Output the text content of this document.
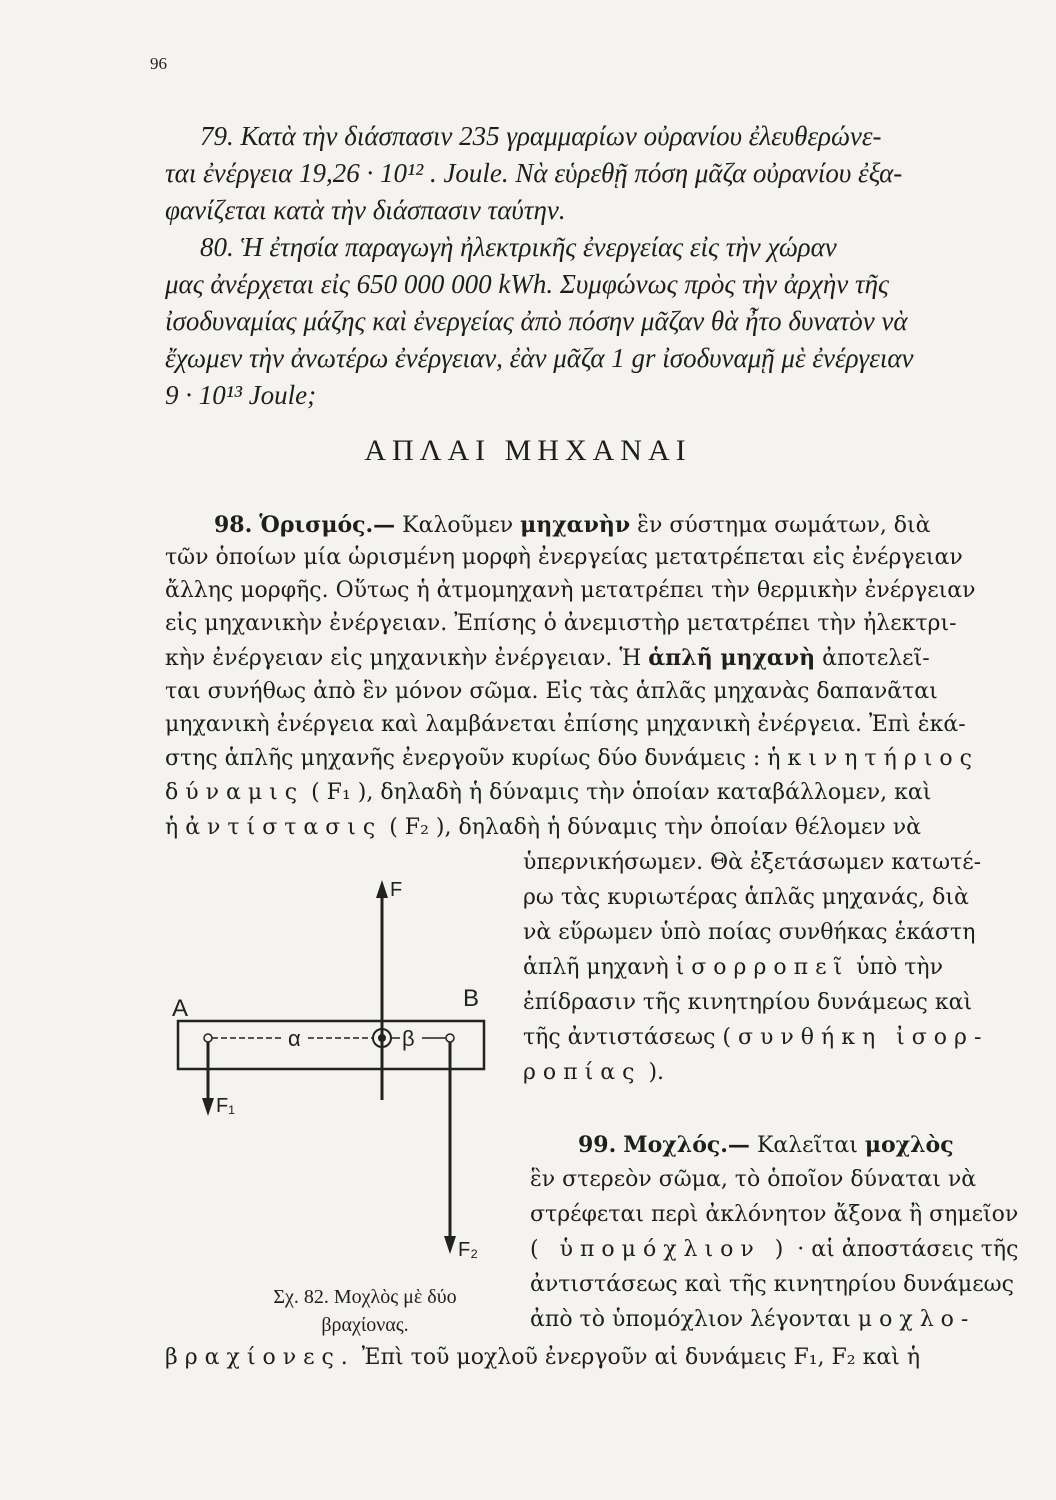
96
79. Κατὰ τὴν διάσπασιν 235 γραμμαρίων οὐρανίου ἐλευθερώνε-
ται ἐνέργεια 19,26 · 10¹² . Joule. Νὰ εὑρεθῇ πόση μᾶζα οὐρανίου ἐξα-
φανίζεται κατὰ τὴν διάσπασιν ταύτην.
80. Ἡ ἐτησία παραγωγὴ ἠλεκτρικῆς ἐνεργείας εἰς τὴν χώραν
μας ἀνέρχεται εἰς 650 000 000 kWh. Συμφώνως πρὸς τὴν ἀρχὴν τῆς
ἰσοδυναμίας μάζης καὶ ἐνεργείας ἀπὸ πόσην μᾶζαν θὰ ἦτο δυνατὸν νὰ
ἔχωμεν τὴν ἀνωτέρω ἐνέργειαν, ἐὰν μᾶζα 1 gr ἰσοδυναμῇ μὲ ἐνέργειαν
9 · 10¹³ Joule;
ΑΠΛΑΙ ΜΗΧΑΝΑΙ
98. Ὁρισμός.— Καλοῦμεν μηχανὴν ἓν σύστημα σωμάτων, διὰ
τῶν ὁποίων μία ὡρισμένη μορφὴ ἐνεργείας μετατρέπεται εἰς ἐνέργειαν
ἄλλης μορφῆς. Οὕτως ἡ ἀτμομηχανὴ μετατρέπει τὴν θερμικὴν ἐνέργειαν
εἰς μηχανικὴν ἐνέργειαν. Ἐπίσης ὁ ἀνεμιστὴρ μετατρέπει τὴν ἠλεκτρι-
κὴν ἐνέργειαν εἰς μηχανικὴν ἐνέργειαν. Ἡ ἁπλῆ μηχανὴ ἀποτελεῖ-
ται συνήθως ἀπὸ ἓν μόνον σῶμα. Εἰς τὰς ἁπλᾶς μηχανὰς δαπανᾶται
μηχανικὴ ἐνέργεια καὶ λαμβάνεται ἐπίσης μηχανικὴ ἐνέργεια. Ἐπὶ ἑκά-
στης ἁπλῆς μηχανῆς ἐνεργοῦν κυρίως δύο δυνάμεις : ἡ κινητήριος
δύναμις ( F₁ ), δηλαδὴ ἡ δύναμις τὴν ὁποίαν καταβάλλομεν, καὶ
ἡ ἀντίστασις ( F₂ ), δηλαδὴ ἡ δύναμις τὴν ὁποίαν θέλομεν νὰ
ὑπερνικήσωμεν. Θὰ ἐξετάσωμεν κατωτέ-
ρω τὰς κυριωτέρας ἁπλᾶς μηχανάς, διὰ
νὰ εὕρωμεν ὑπὸ ποίας συνθήκας ἑκάστη
ἁπλῆ μηχανὴ ἰσορροπεῖ ὑπὸ τὴν
ἐπίδρασιν τῆς κινητηρίου δυνάμεως καὶ
τῆς ἀντιστάσεως ( συνθήκη ἰσορ-
ροπίας ).
99. Μοχλός.— Καλεῖται μοχλὸς
ἓν στερεὸν σῶμα, τὸ ὁποῖον δύναται νὰ
στρέφεται περὶ ἀκλόνητον ἄξονα ἢ σημεῖον
( ὑπομόχλιον ) · αἱ ἀποστάσεις τῆς
ἀντιστάσεως καὶ τῆς κινητηρίου δυνάμεως
ἀπὸ τὸ ὑπομόχλιον λέγονται μοχλο-
βραχίονες. Ἐπὶ τοῦ μοχλοῦ ἐνεργοῦν αἱ δυνάμεις F₁, F₂ καὶ ἡ
F
A	B
α	β
F₁
F₂
Σχ. 82. Μοχλὸς μὲ δύο
βραχίονας.
